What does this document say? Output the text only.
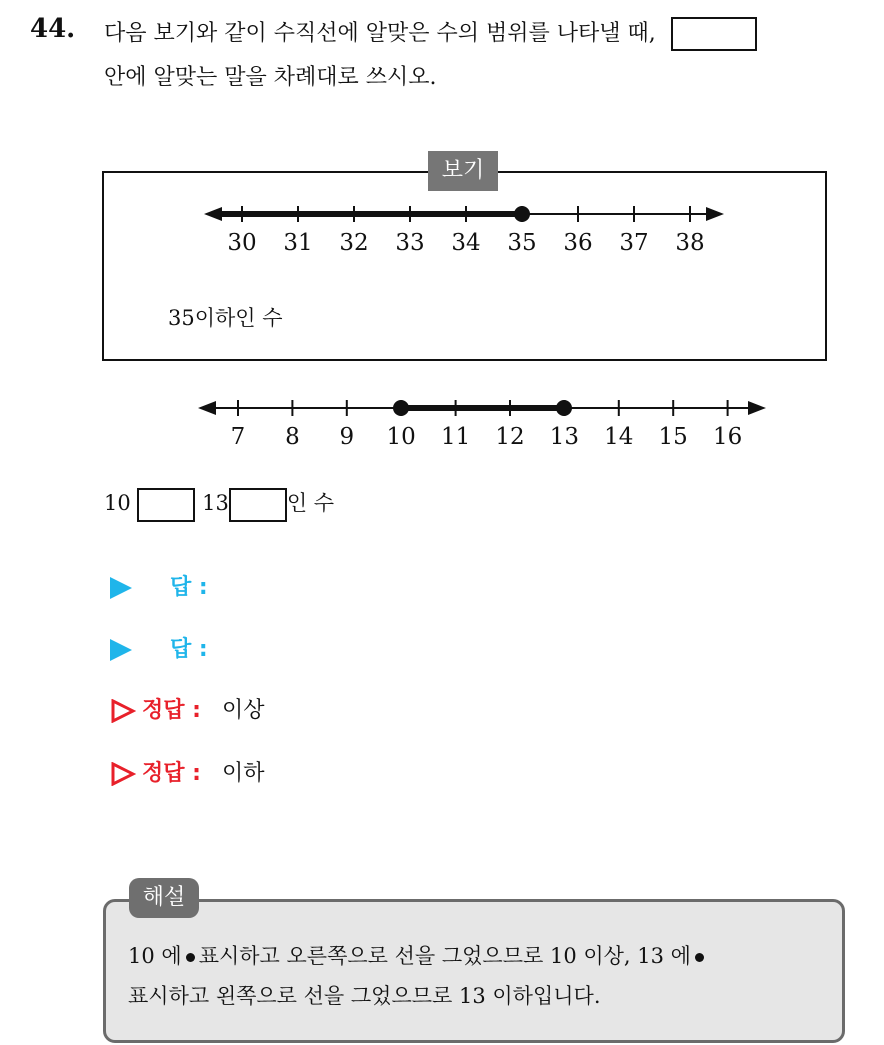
44. 다음 보기와 같이 수직선에 알맞은 수의 범위를 나타낼 때,
안에 알맞는 말을 차례대로 쓰시오.
보기
30 31 32 33 34 35 36 37 38
7 8 9 10 11 12 13 14 15 16
35이하인 수
10	13	인 수
답 :
답 :
정답 : 이상
정답 : 이하
해설
10 에 표시하고 오른쪽으로 선을 그었으므로 10 이상, 13 에
표시하고 왼쪽으로 선을 그었으므로 13 이하입니다.
